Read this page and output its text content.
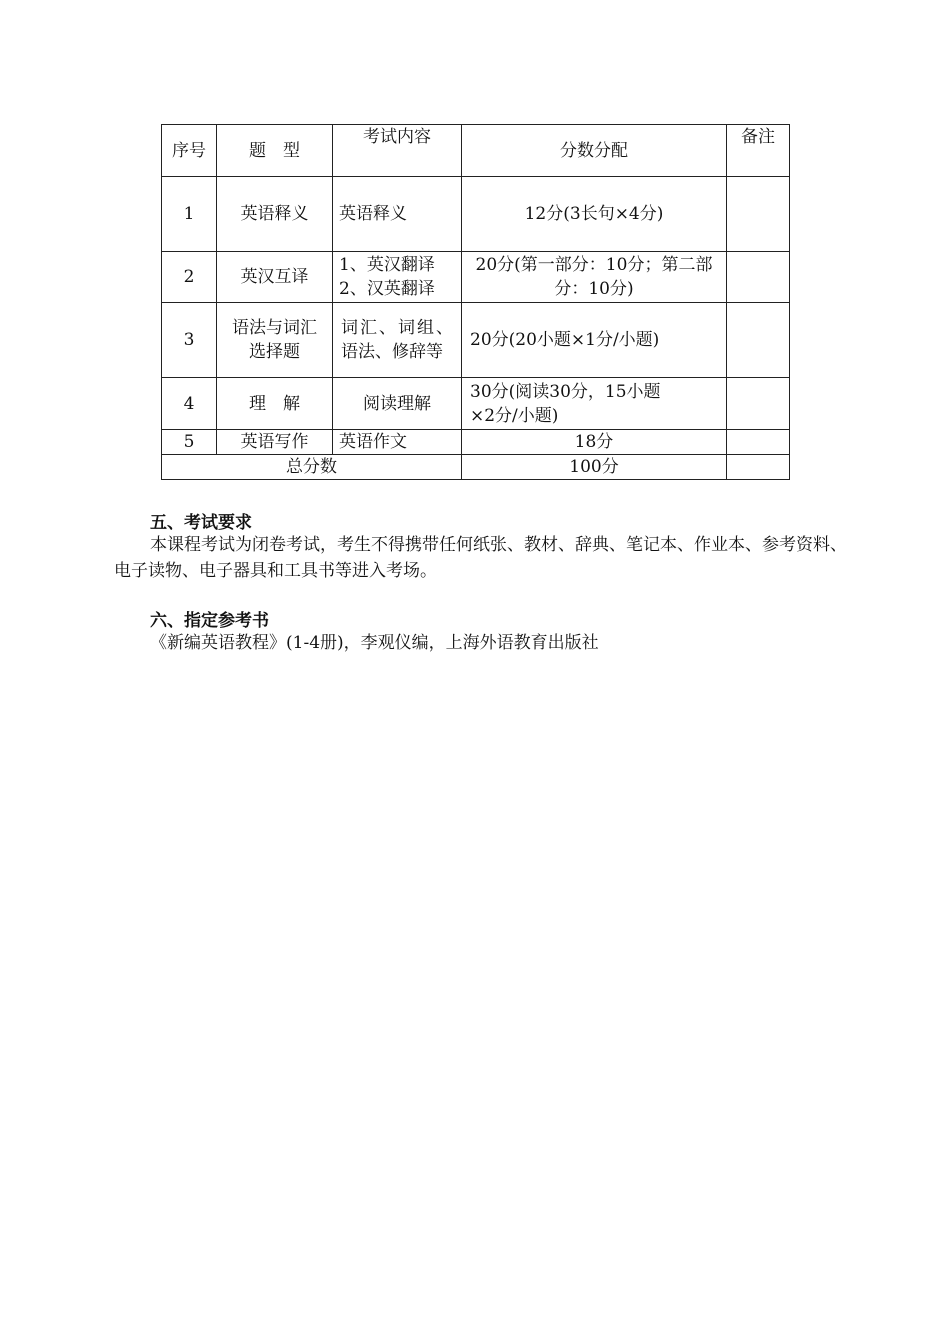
序号	题　型	考试内容	分数分配	备注
1	英语释义	英语释义	12分(3长句×4分)	
2	英汉互译	1、英汉翻译 2、汉英翻译	20分(第一部分：10分；第二部分：10分)	
3	语法与词汇选择题	词汇、词组、语法、修辞等	20分(20小题×1分/小题)	
4	理　解	阅读理解	30分(阅读30分，15小题×2分/小题)	
5	英语写作	英语作文	18分	
总分数			100分	
五、考试要求
本课程考试为闭卷考试，考生不得携带任何纸张、教材、辞典、笔记本、作业本、参考资料、电子读物、电子器具和工具书等进入考场。
六、指定参考书
《新编英语教程》(1-4册)，李观仪编，上海外语教育出版社
